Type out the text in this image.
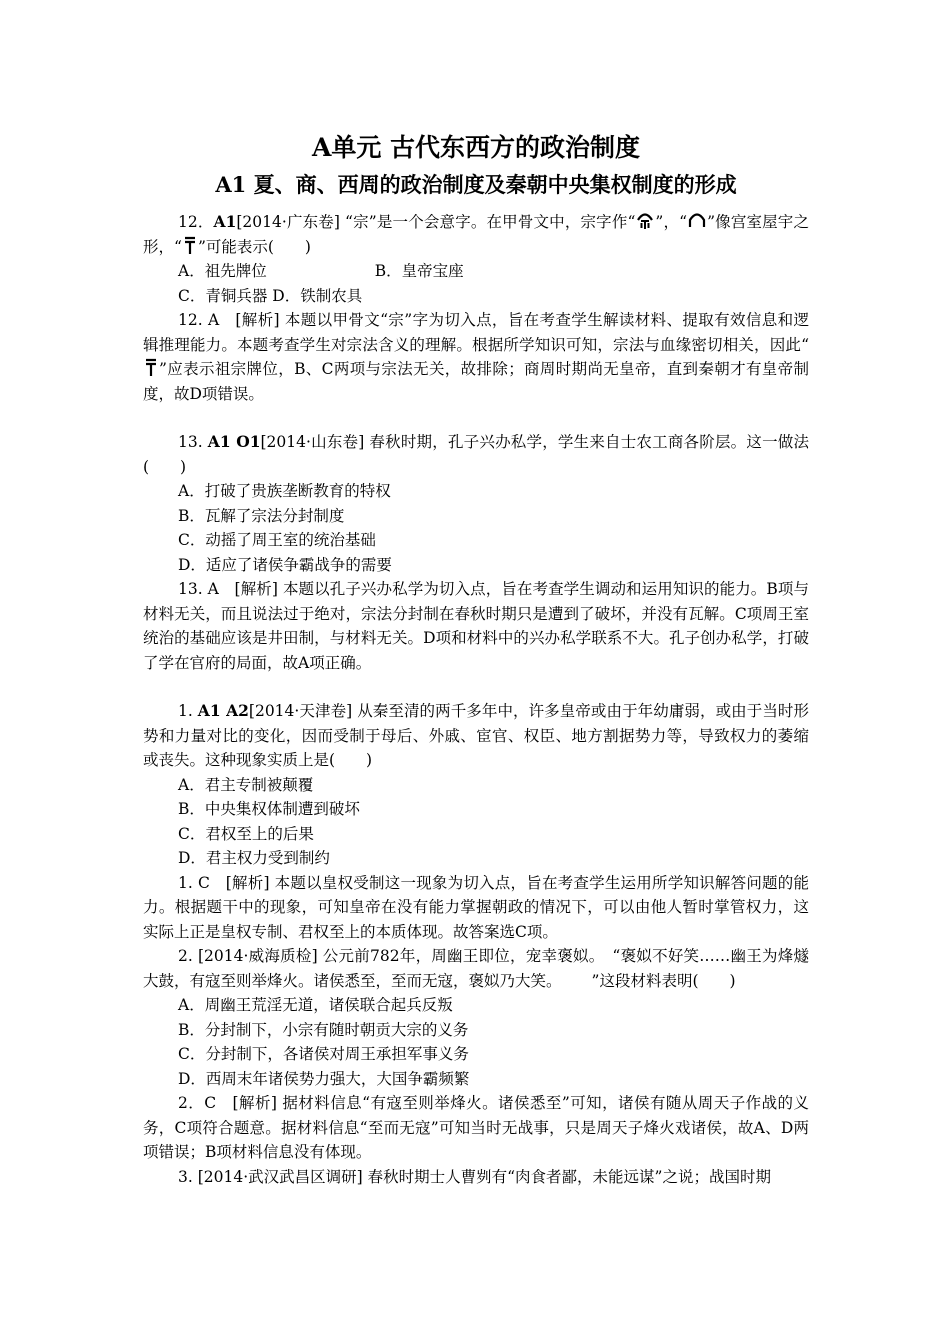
A单元 古代东西方的政治制度
A1 夏、商、西周的政治制度及秦朝中央集权制度的形成

12．A1[2014·广东卷] “宗”是一个会意字。在甲骨文中，宗字作“ ”，“ ”像宫室屋宇之形，“ ”可能表示(　　)

A．祖先牌位	B．皇帝宝座

C．青铜兵器 D．铁制农具

12. A　[解析] 本题以甲骨文“宗”字为切入点，旨在考查学生解读材料、提取有效信息和逻辑推理能力。本题考查学生对宗法含义的理解。根据所学知识可知，宗法与血缘密切相关，因此“
”应表示祖宗牌位，B、C两项与宗法无关，故排除；商周时期尚无皇帝，直到秦朝才有皇帝制度，故D项错误。

13. A1 O1[2014·山东卷] 春秋时期，孔子兴办私学，学生来自士农工商各阶层。这一做法(　　)

A．打破了贵族垄断教育的特权

B．瓦解了宗法分封制度

C．动摇了周王室的统治基础

D．适应了诸侯争霸战争的需要

13. A　[解析] 本题以孔子兴办私学为切入点，旨在考查学生调动和运用知识的能力。B项与材料无关，而且说法过于绝对，宗法分封制在春秋时期只是遭到了破坏，并没有瓦解。C项周王室统治的基础应该是井田制，与材料无关。D项和材料中的兴办私学联系不大。孔子创办私学，打破了学在官府的局面，故A项正确。

1. A1 A2[2014·天津卷] 从秦至清的两千多年中，许多皇帝或由于年幼庸弱，或由于当时形势和力量对比的变化，因而受制于母后、外戚、宦官、权臣、地方割据势力等，导致权力的萎缩或丧失。这种现象实质上是(　　)

A．君主专制被颠覆

B．中央集权体制遭到破坏

C．君权至上的后果

D．君主权力受到制约

1. C　[解析] 本题以皇权受制这一现象为切入点，旨在考查学生运用所学知识解答问题的能力。根据题干中的现象，可知皇帝在没有能力掌握朝政的情况下，可以由他人暂时掌管权力，这实际上正是皇权专制、君权至上的本质体现。故答案选C项。

2. [2014·威海质检] 公元前782年，周幽王即位，宠幸褒姒。　“褒姒不好笑……幽王为烽燧大鼓，有寇至则举烽火。诸侯悉至，至而无寇，褒姒乃大笑。 ”这段材料表明(　　)

A．周幽王荒淫无道，诸侯联合起兵反叛

B．分封制下，小宗有随时朝贡大宗的义务

C．分封制下，各诸侯对周王承担军事义务

D．西周末年诸侯势力强大，大国争霸频繁

2．C　[解析] 据材料信息“有寇至则举烽火。诸侯悉至”可知，诸侯有随从周天子作战的义务，C项符合题意。据材料信息“至而无寇”可知当时无战事，只是周天子烽火戏诸侯，故A、D两项错误；B项材料信息没有体现。

3. [2014·武汉武昌区调研] 春秋时期士人曹刿有“肉食者鄙，未能远谋”之说；战国时期
